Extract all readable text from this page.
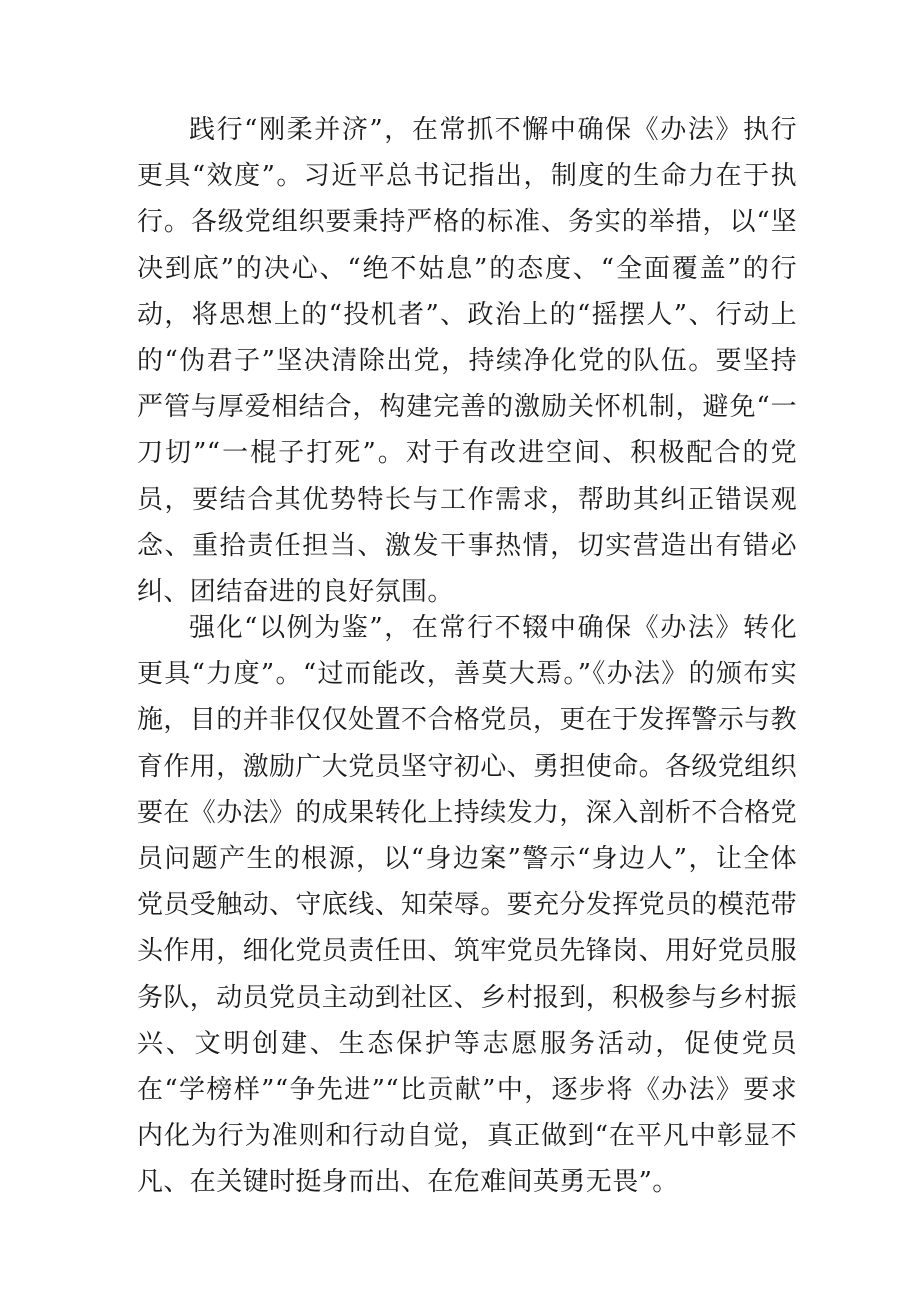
践行“刚柔并济”，在常抓不懈中确保《办法》执行更具“效度”。习近平总书记指出，制度的生命力在于执行。各级党组织要秉持严格的标准、务实的举措，以“坚决到底”的决心、“绝不姑息”的态度、“全面覆盖”的行动，将思想上的“投机者”、政治上的“摇摆人”、行动上的“伪君子”坚决清除出党，持续净化党的队伍。要坚持严管与厚爱相结合，构建完善的激励关怀机制，避免“一刀切”“一棍子打死”。对于有改进空间、积极配合的党员，要结合其优势特长与工作需求，帮助其纠正错误观念、重拾责任担当、激发干事热情，切实营造出有错必纠、团结奋进的良好氛围。

强化“以例为鉴”，在常行不辍中确保《办法》转化更具“力度”。“过而能改，善莫大焉。”《办法》的颁布实施，目的并非仅仅处置不合格党员，更在于发挥警示与教育作用，激励广大党员坚守初心、勇担使命。各级党组织要在《办法》的成果转化上持续发力，深入剖析不合格党员问题产生的根源，以“身边案”警示“身边人”，让全体党员受触动、守底线、知荣辱。要充分发挥党员的模范带头作用，细化党员责任田、筑牢党员先锋岗、用好党员服务队，动员党员主动到社区、乡村报到，积极参与乡村振兴、文明创建、生态保护等志愿服务活动，促使党员在“学榜样”“争先进”“比贡献”中，逐步将《办法》要求内化为行为准则和行动自觉，真正做到“在平凡中彰显不凡、在关键时挺身而出、在危难间英勇无畏”。
